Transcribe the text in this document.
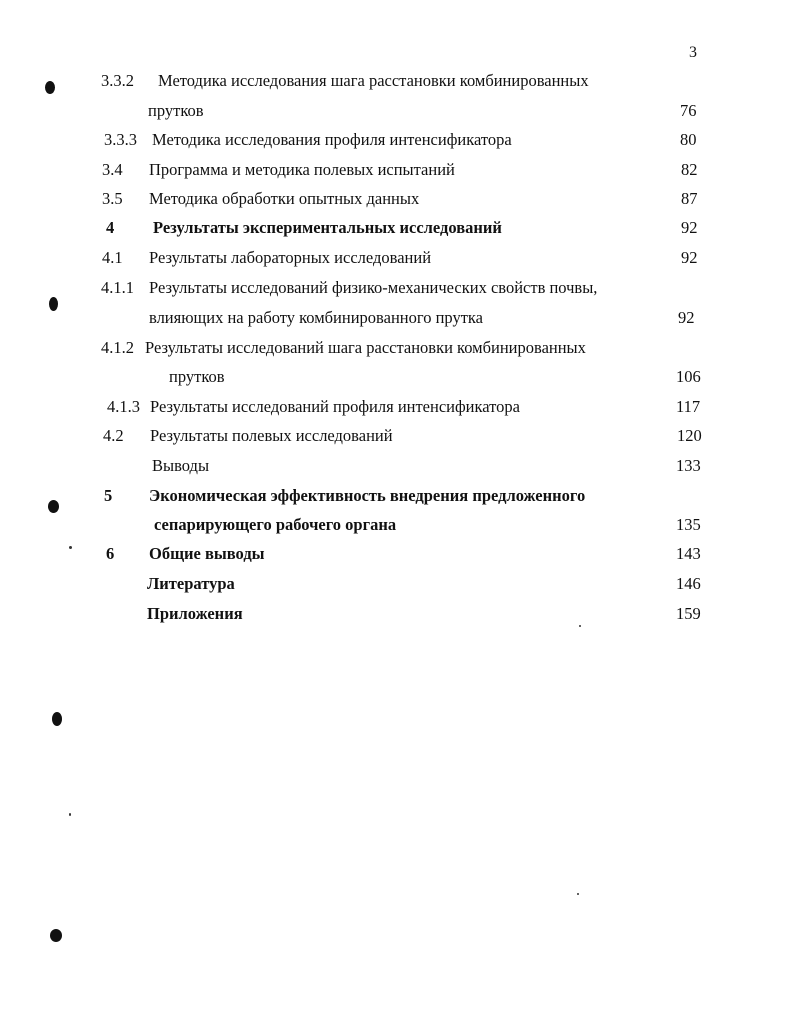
3
3.3.2 Методика исследования шага расстановки комбинированных
прутков	76
3.3.3 Методика исследования профиля интенсификатора	80
3.4 Программа и методика полевых испытаний	82
3.5 Методика обработки опытных данных	87
4 Результаты экспериментальных исследований	92
4.1 Результаты лабораторных исследований	92
4.1.1 Результаты исследований физико-механических свойств почвы,
влияющих на работу комбинированного прутка	92
4.1.2 Результаты исследований шага расстановки комбинированных
прутков	106
4.1.3 Результаты исследований профиля интенсификатора	117
4.2 Результаты полевых исследований	120
Выводы	133
5 Экономическая эффективность внедрения предложенного
сепарирующего рабочего органа	135
6 Общие выводы	143
Литература	146
Приложения	159
